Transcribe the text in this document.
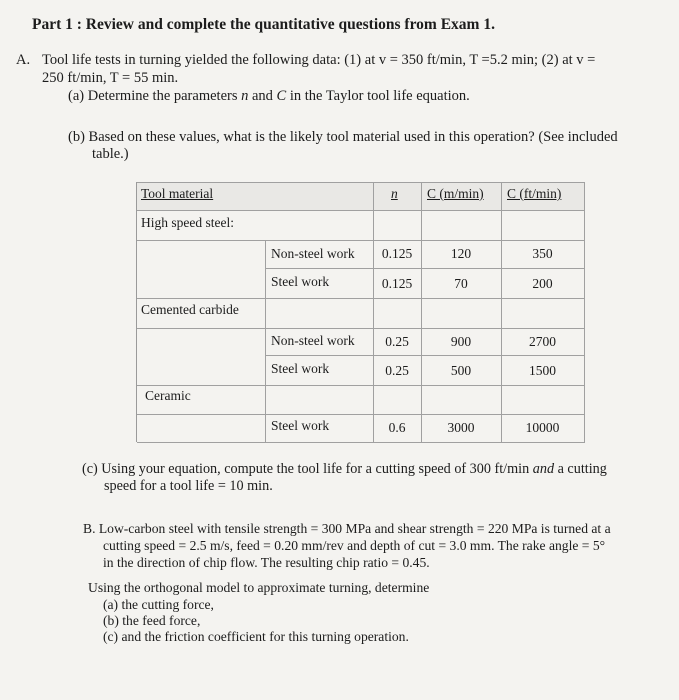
Part 1 : Review and complete the quantitative questions from Exam 1.
A. Tool life tests in turning yielded the following data: (1) at v = 350 ft/min, T =5.2 min; (2) at v =
250 ft/min, T = 55 min.
(a) Determine the parameters n and C in the Taylor tool life equation.
(b) Based on these values, what is the likely tool material used in this operation? (See included
table.)
Tool material	n C (m/min) C (ft/min)
High speed steel:
Non-steel work	0.125	120	350
Steel work	0.125	70	200
Cemented carbide
Non-steel work	0.25	900	2700
Steel work	0.25	500	1500
Ceramic
Steel work	0.6	3000	10000
(c) Using your equation, compute the tool life for a cutting speed of 300 ft/min and a cutting
speed for a tool life = 10 min.
B. Low-carbon steel with tensile strength = 300 MPa and shear strength = 220 MPa is turned at a
cutting speed = 2.5 m/s, feed = 0.20 mm/rev and depth of cut = 3.0 mm. The rake angle = 5°
in the direction of chip flow. The resulting chip ratio = 0.45.
Using the orthogonal model to approximate turning, determine
(a) the cutting force,
(b) the feed force,
(c) and the friction coefficient for this turning operation.
